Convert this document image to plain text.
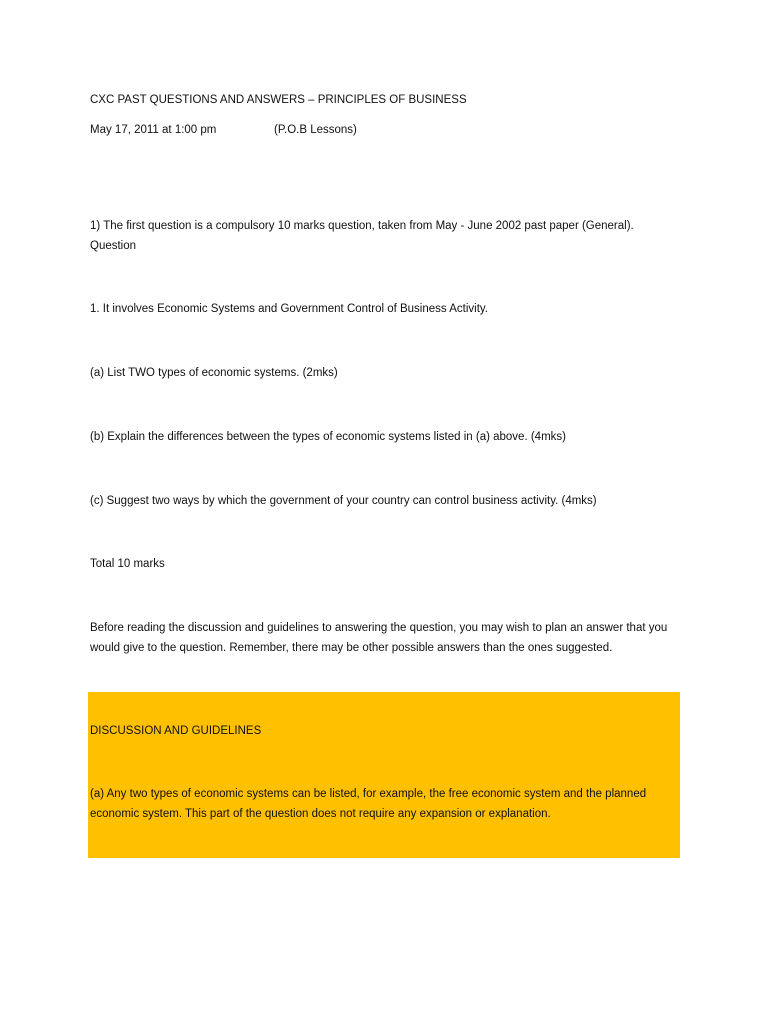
CXC PAST QUESTIONS AND ANSWERS – PRINCIPLES OF BUSINESS
May 17, 2011 at 1:00 pm	(P.O.B Lessons)
1) The first question is a compulsory 10 marks question, taken from May - June 2002 past paper (General). Question
1. It involves Economic Systems and Government Control of Business Activity.
(a) List TWO types of economic systems. (2mks)
(b) Explain the differences between the types of economic systems listed in (a) above. (4mks)
(c) Suggest two ways by which the government of your country can control business activity. (4mks)
Total 10 marks
Before reading the discussion and guidelines to answering the question, you may wish to plan an answer that you would give to the question. Remember, there may be other possible answers than the ones suggested.
DISCUSSION AND GUIDELINES
(a) Any two types of economic systems can be listed, for example, the free economic system and the planned economic system. This part of the question does not require any expansion or explanation.
